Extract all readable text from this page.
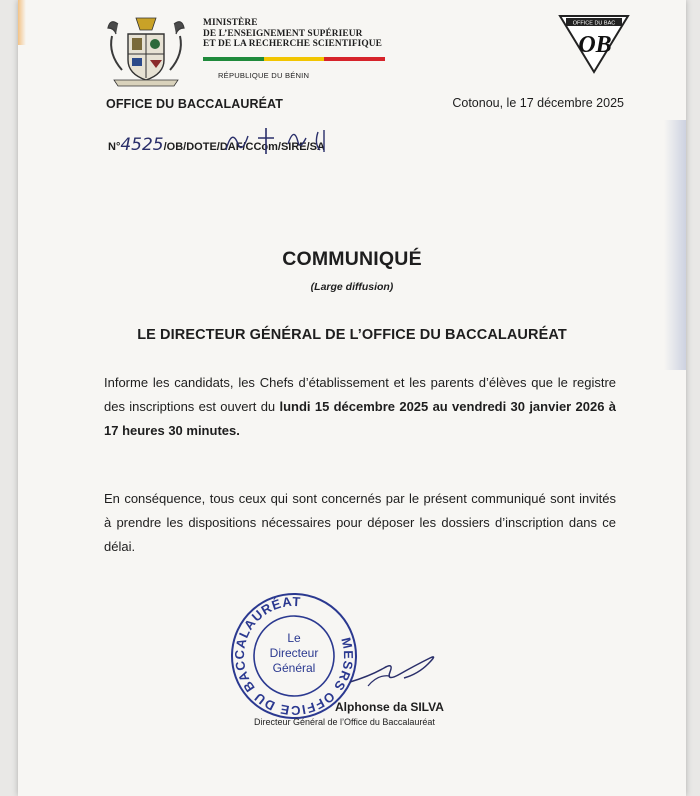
MINISTÈRE
DE L’ENSEIGNEMENT SUPÉRIEUR
ET DE LA RECHERCHE SCIENTIFIQUE
RÉPUBLIQUE DU BÉNIN
OFFICE DU BAC
OB
OFFICE DU BACCALAURÉAT	Cotonou, le 17 décembre 2025
N°4525/OB/DOTE/DAF/CCom/SIRE/SA
COMMUNIQUÉ
(Large diffusion)
LE DIRECTEUR GÉNÉRAL DE L’OFFICE DU BACCALAURÉAT
Informe les candidats, les Chefs d’établissement et les parents d’élèves que le registre des inscriptions est ouvert du lundi 15 décembre 2025 au vendredi 30 janvier 2026 à 17 heures 30 minutes.
En conséquence, tous ceux qui sont concernés par le présent communiqué sont invités à prendre les dispositions nécessaires pour déposer les dossiers d’inscription dans ce délai.
MESRS OFFICE DU BACCALAURÉAT
Le
Directeur
Général
Alphonse da SILVA
Directeur Général de l’Office du Baccalauréat
